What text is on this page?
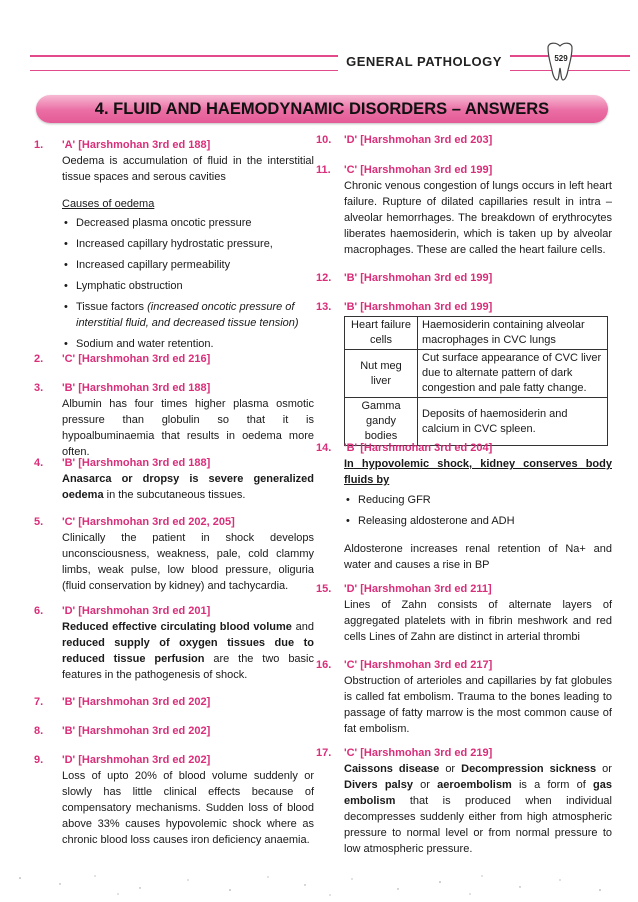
GENERAL PATHOLOGY	529
4. FLUID AND HAEMODYNAMIC DISORDERS – ANSWERS
1. 'A' [Harshmohan 3rd ed 188]
Oedema is accumulation of fluid in the interstitial tissue spaces and serous cavities
Causes of oedema
• Decreased plasma oncotic pressure
• Increased capillary hydrostatic pressure,
• Increased capillary permeability
• Lymphatic obstruction
• Tissue factors (increased oncotic pressure of interstitial fluid, and decreased tissue tension)
• Sodium and water retention.
2. 'C' [Harshmohan 3rd ed 216]
3. 'B' [Harshmohan 3rd ed 188]
Albumin has four times higher plasma osmotic pressure than globulin so that it is hypoalbuminaemia that results in oedema more often.
4. 'B' [Harshmohan 3rd ed 188]
Anasarca or dropsy is severe generalized oedema in the subcutaneous tissues.
5. 'C' [Harshmohan 3rd ed 202, 205]
Clinically the patient in shock develops unconsciousness, weakness, pale, cold clammy limbs, weak pulse, low blood pressure, oliguria (fluid conservation by kidney) and tachycardia.
6. 'D' [Harshmohan 3rd ed 201]
Reduced effective circulating blood volume and reduced supply of oxygen tissues due to reduced tissue perfusion are the two basic features in the pathogenesis of shock.
7. 'B' [Harshmohan 3rd ed 202]
8. 'B' [Harshmohan 3rd ed 202]
9. 'D' [Harshmohan 3rd ed 202]
Loss of upto 20% of blood volume suddenly or slowly has little clinical effects because of compensatory mechanisms. Sudden loss of blood above 33% causes hypovolemic shock where as chronic blood loss causes iron deficiency anaemia.
10. 'D' [Harshmohan 3rd ed 203]
11. 'C' [Harshmohan 3rd ed 199]
Chronic venous congestion of lungs occurs in left heart failure. Rupture of dilated capillaries result in intra – alveolar hemorrhages. The breakdown of erythrocytes liberates haemosiderin, which is taken up by alveolar macrophages. These are called the heart failure cells.
12. 'B' [Harshmohan 3rd ed 199]
13. 'B' [Harshmohan 3rd ed 199]
Heart failure cells	Haemosiderin containing alveolar macrophages in CVC lungs
Nut meg liver	Cut surface appearance of CVC liver due to alternate pattern of dark congestion and pale fatty change.
Gamma gandy bodies	Deposits of haemosiderin and calcium in CVC spleen.
14. 'B' [Harshmohan 3rd ed 204]
In hypovolemic shock, kidney conserves body fluids by
• Reducing GFR
• Releasing aldosterone and ADH
Aldosterone increases renal retention of Na+ and water and causes a rise in BP
15. 'D' [Harshmohan 3rd ed 211]
Lines of Zahn consists of alternate layers of aggregated platelets with in fibrin meshwork and red cells Lines of Zahn are distinct in arterial thrombi
16. 'C' [Harshmohan 3rd ed 217]
Obstruction of arterioles and capillaries by fat globules is called fat embolism. Trauma to the bones leading to passage of fatty marrow is the most common cause of fat embolism.
17. 'C' [Harshmohan 3rd ed 219]
Caissons disease or Decompression sickness or Divers palsy or aeroembolism is a form of gas embolism that is produced when individual decompresses suddenly either from high atmospheric pressure to normal level or from normal pressure to low atmospheric pressure.
